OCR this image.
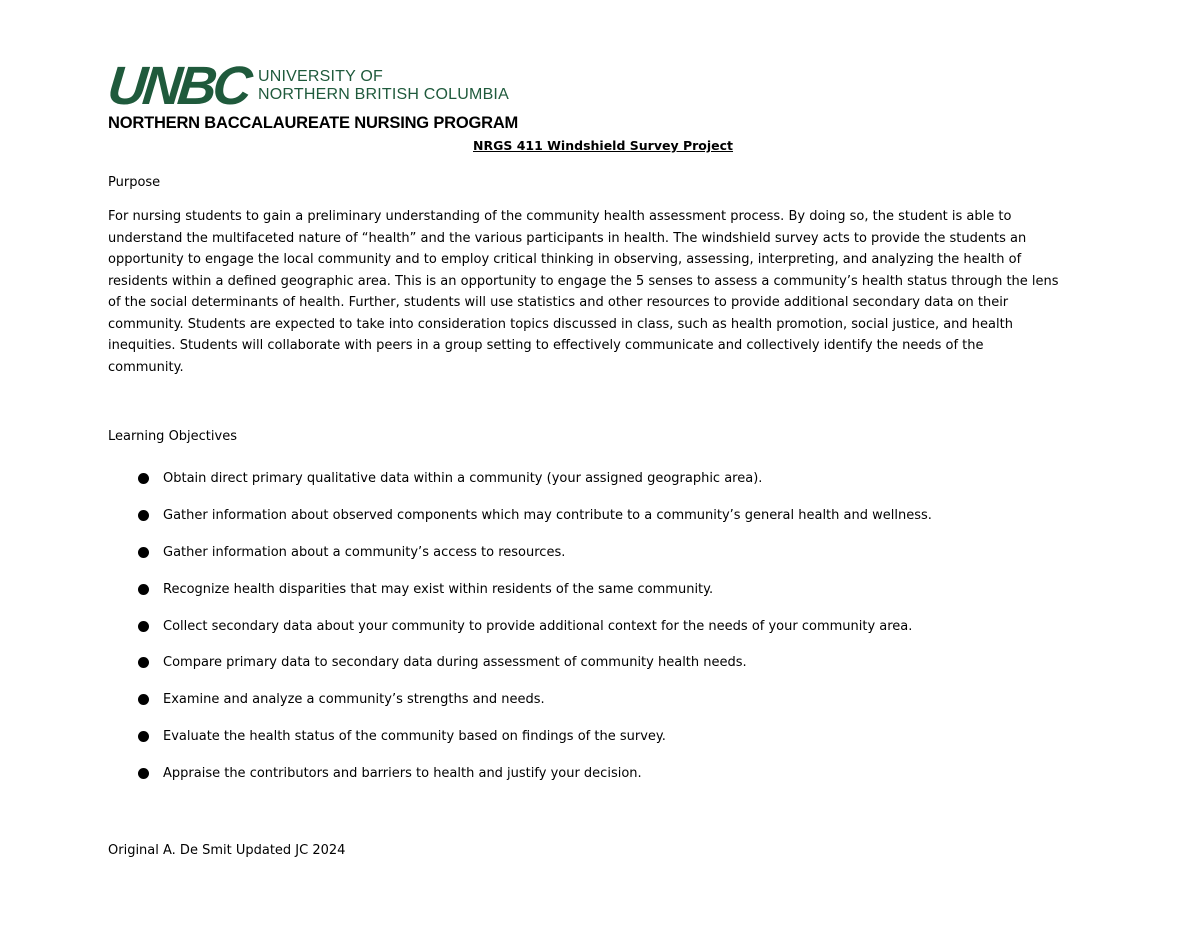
UNBC UNIVERSITY OF
NORTHERN BRITISH COLUMBIA
NORTHERN BACCALAUREATE NURSING PROGRAM
NRGS 411 Windshield Survey Project
Purpose
For nursing students to gain a preliminary understanding of the community health assessment process. By doing so, the student is able to
understand the multifaceted nature of “health” and the various participants in health. The windshield survey acts to provide the students an
opportunity to engage the local community and to employ critical thinking in observing, assessing, interpreting, and analyzing the health of
residents within a defined geographic area. This is an opportunity to engage the 5 senses to assess a community’s health status through the lens
of the social determinants of health. Further, students will use statistics and other resources to provide additional secondary data on their
community. Students are expected to take into consideration topics discussed in class, such as health promotion, social justice, and health
inequities. Students will collaborate with peers in a group setting to effectively communicate and collectively identify the needs of the
community.
Learning Objectives
Obtain direct primary qualitative data within a community (your assigned geographic area).
Gather information about observed components which may contribute to a community’s general health and wellness.
Gather information about a community’s access to resources.
Recognize health disparities that may exist within residents of the same community.
Collect secondary data about your community to provide additional context for the needs of your community area.
Compare primary data to secondary data during assessment of community health needs.
Examine and analyze a community’s strengths and needs.
Evaluate the health status of the community based on findings of the survey.
Appraise the contributors and barriers to health and justify your decision.
Original A. De Smit Updated JC 2024
